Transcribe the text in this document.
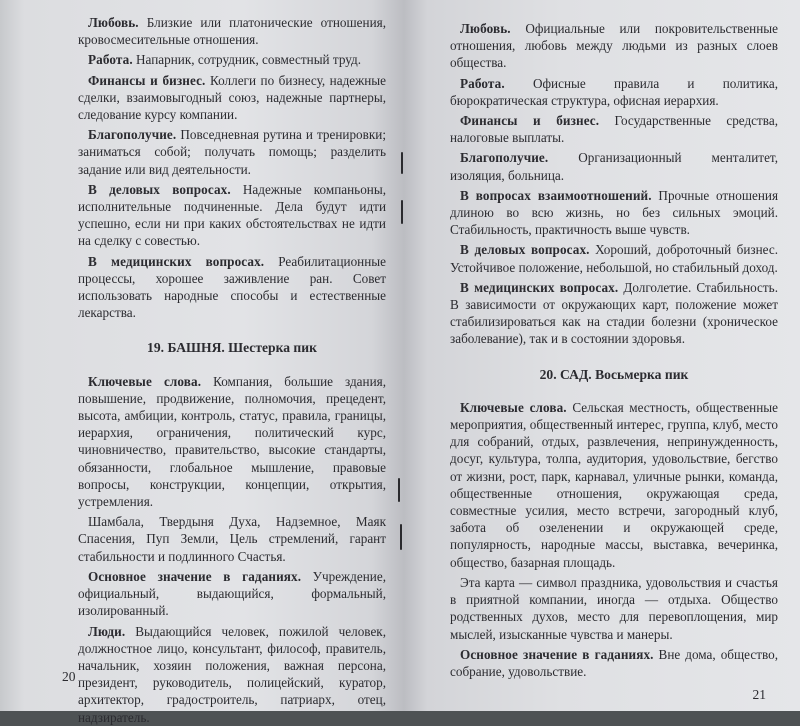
Любовь. Близкие или платонические отношения, кровосмесительные отношения.

Работа. Напарник, сотрудник, совместный труд.

Финансы и бизнес. Коллеги по бизнесу, надежные сделки, взаимовыгодный союз, надежные партнеры, следование курсу компании.

Благополучие. Повседневная рутина и тренировки; заниматься собой; получать помощь; разделить задание или вид деятельности.

В деловых вопросах. Надежные компаньоны, исполнительные подчиненные. Дела будут идти успешно, если ни при каких обстоятельствах не идти на сделку с совестью.

В медицинских вопросах. Реабилитационные процессы, хорошее заживление ран. Совет использовать народные способы и естественные лекарства.

19. БАШНЯ. Шестерка пик

Ключевые слова. Компания, большие здания, повышение, продвижение, полномочия, прецедент, высота, амбиции, контроль, статус, правила, границы, иерархия, ограничения, политический курс, чиновничество, правительство, высокие стандарты, обязанности, глобальное мышление, правовые вопросы, конструкции, концепции, открытия, устремления.

Шамбала, Твердыня Духа, Надземное, Маяк Спасения, Пуп Земли, Цель стремлений, гарант стабильности и подлинного Счастья.

Основное значение в гаданиях. Учреждение, официальный, выдающийся, формальный, изолированный.

Люди. Выдающийся человек, пожилой человек, должностное лицо, консультант, философ, правитель, начальник, хозяин положения, важная персона, президент, руководитель, полицейский, куратор, архитектор, градостроитель, патриарх, отец, надзиратель.

20

Любовь. Официальные или покровительственные отношения, любовь между людьми из разных слоев общества.

Работа. Офисные правила и политика, бюрократическая структура, офисная иерархия.

Финансы и бизнес. Государственные средства, налоговые выплаты.

Благополучие. Организационный менталитет, изоляция, больница.

В вопросах взаимоотношений. Прочные отношения длиною во всю жизнь, но без сильных эмоций. Стабильность, практичность выше чувств.

В деловых вопросах. Хороший, доброточный бизнес. Устойчивое положение, небольшой, но стабильный доход.

В медицинских вопросах. Долголетие. Стабильность. В зависимости от окружающих карт, положение может стабилизироваться как на стадии болезни (хроническое заболевание), так и в состоянии здоровья.

20. САД. Восьмерка пик

Ключевые слова. Сельская местность, общественные мероприятия, общественный интерес, группа, клуб, место для собраний, отдых, развлечения, непринужденность, досуг, культура, толпа, аудитория, удовольствие, бегство от жизни, рост, парк, карнавал, уличные рынки, команда, общественные отношения, окружающая среда, совместные усилия, место встречи, загородный клуб, забота об озеленении и окружающей среде, популярность, народные массы, выставка, вечеринка, общество, базарная площадь.

Эта карта — символ праздника, удовольствия и счастья в приятной компании, иногда — отдыха. Общество родственных духов, место для перевоплощения, мир мыслей, изысканные чувства и манеры.

Основное значение в гаданиях. Вне дома, общество, собрание, удовольствие.

21
